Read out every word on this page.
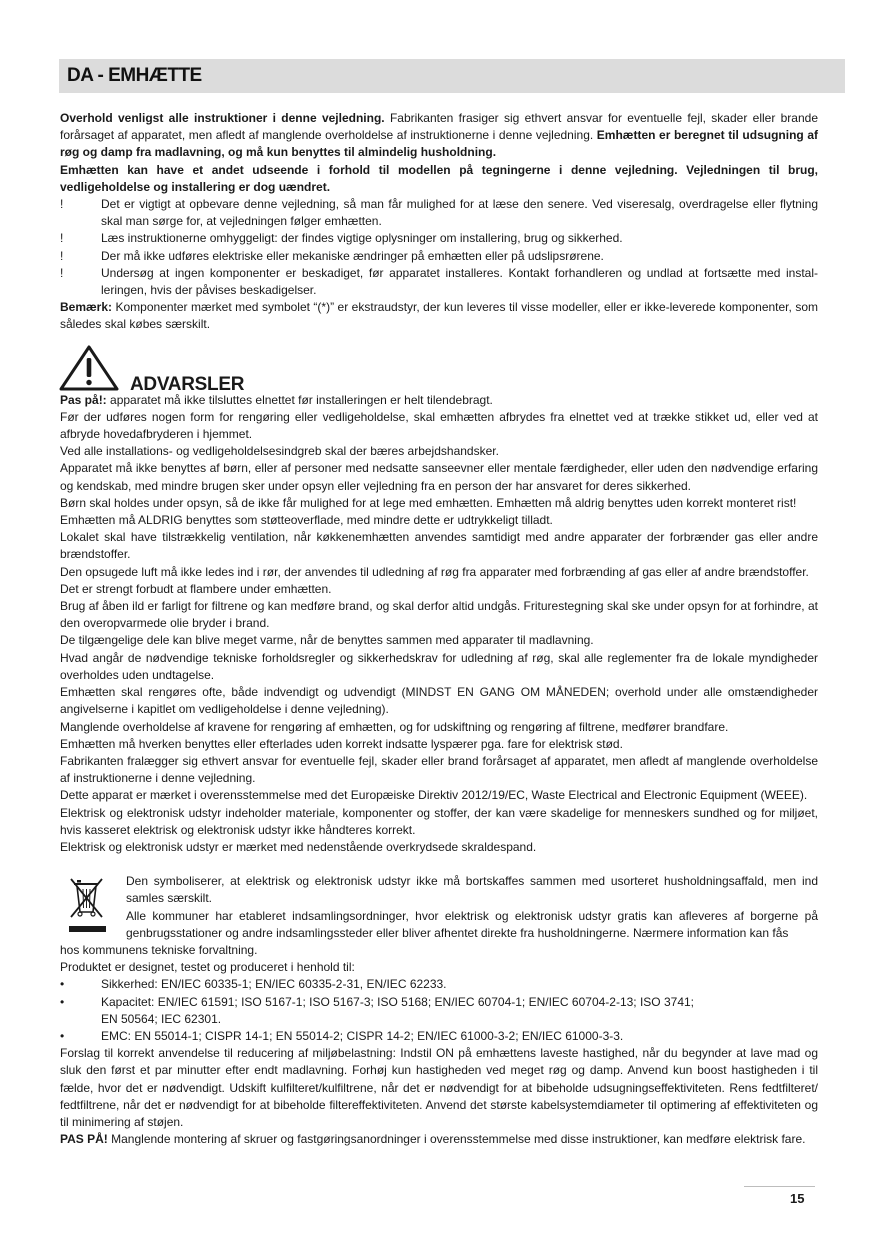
DA - EMHÆTTE

Overhold venligst alle instruktioner i denne vejledning. Fabrikanten frasiger sig ethvert ansvar for eventuelle fejl, skader eller brande forårsaget af apparatet, men afledt af manglende overholdelse af instruktionerne i denne vejledning. Emhætten er beregnet til udsugning af røg og damp fra madlavning, og må kun benyttes til almindelig husholdning.

Emhætten kan have et andet udseende i forhold til modellen på tegningerne i denne vejledning. Vejledningen til brug, vedligeholdelse og installering er dog uændret.

!	Det er vigtigt at opbevare denne vejledning, så man får mulighed for at læse den senere. Ved viseresalg, overdragelse eller flytning skal man sørge for, at vejledningen følger emhætten.
!	Læs instruktionerne omhyggeligt: der findes vigtige oplysninger om installering, brug og sikkerhed.
!	Der må ikke udføres elektriske eller mekaniske ændringer på emhætten eller på udslipsrørene.
!	Undersøg at ingen komponenter er beskadiget, før apparatet installeres. Kontakt forhandleren og undlad at fortsætte med installeringen, hvis der påvises beskadigelser.

Bemærk: Komponenter mærket med symbolet “(*)” er ekstraudstyr, der kun leveres til visse modeller, eller er ikke-leverede komponenter, som således skal købes særskilt.

ADVARSLER

Pas på!: apparatet må ikke tilsluttes elnettet før installeringen er helt tilendebragt.

Før der udføres nogen form for rengøring eller vedligeholdelse, skal emhætten afbrydes fra elnettet ved at trække stikket ud, eller ved at afbryde hovedafbryderen i hjemmet.

Ved alle installations- og vedligeholdelsesindgreb skal der bæres arbejdshandsker.

Apparatet må ikke benyttes af børn, eller af personer med nedsatte sanseevner eller mentale færdigheder, eller uden den nødvendige erfaring og kendskab, med mindre brugen sker under opsyn eller vejledning fra en person der har ansvaret for deres sikkerhed.

Børn skal holdes under opsyn, så de ikke får mulighed for at lege med emhætten. Emhætten må aldrig benyttes uden korrekt monteret rist!

Emhætten må ALDRIG benyttes som støtteoverflade, med mindre dette er udtrykkeligt tilladt.

Lokalet skal have tilstrækkelig ventilation, når køkkenemhætten anvendes samtidigt med andre apparater der forbrænder gas eller andre brændstoffer.

Den opsugede luft må ikke ledes ind i rør, der anvendes til udledning af røg fra apparater med forbrænding af gas eller af andre brændstoffer.

Det er strengt forbudt at flambere under emhætten.

Brug af åben ild er farligt for filtrene og kan medføre brand, og skal derfor altid undgås. Friturestegning skal ske under opsyn for at forhindre, at den overopvarmede olie bryder i brand.

De tilgængelige dele kan blive meget varme, når de benyttes sammen med apparater til madlavning.

Hvad angår de nødvendige tekniske forholdsregler og sikkerhedskrav for udledning af røg, skal alle reglementer fra de lokale myndigheder overholdes uden undtagelse.

Emhætten skal rengøres ofte, både indvendigt og udvendigt (MINDST EN GANG OM MÅNEDEN; overhold under alle omstændigheder angivelserne i kapitlet om vedligeholdelse i denne vejledning).

Manglende overholdelse af kravene for rengøring af emhætten, og for udskiftning og rengøring af filtrene, medfører brandfare.

Emhætten må hverken benyttes eller efterlades uden korrekt indsatte lyspærer pga. fare for elektrisk stød.

Fabrikanten fralægger sig ethvert ansvar for eventuelle fejl, skader eller brand forårsaget af apparatet, men afledt af manglende overholdelse af instruktionerne i denne vejledning.

Dette apparat er mærket i overensstemmelse med det Europæiske Direktiv 2012/19/EC, Waste Electrical and Electronic Equipment (WEEE).

Elektrisk og elektronisk udstyr indeholder materiale, komponenter og stoffer, der kan være skadelige for menneskers sundhed og for miljøet, hvis kasseret elektrisk og elektronisk udstyr ikke håndteres korrekt.

Elektrisk og elektronisk udstyr er mærket med nedenstående overkrydsede skraldespand.

Den symboliserer, at elektrisk og elektronisk udstyr ikke må bortskaffes sammen med usorteret husholdningsaffald, men ind samles særskilt.

Alle kommuner har etableret indsamlingsordninger, hvor elektrisk og elektronisk udstyr gratis kan afleveres af borgerne på genbrugsstationer og andre indsamlingssteder eller bliver afhentet direkte fra husholdningerne. Nærmere information kan fås

hos kommunens tekniske forvaltning.

Produktet er designet, testet og produceret i henhold til:

•	Sikkerhed: EN/IEC 60335-1; EN/IEC 60335-2-31, EN/IEC 62233.
•	Kapacitet: EN/IEC 61591; ISO 5167-1; ISO 5167-3; ISO 5168; EN/IEC 60704-1; EN/IEC 60704-2-13; ISO 3741;
EN 50564; IEC 62301.
•	EMC: EN 55014-1; CISPR 14-1; EN 55014-2; CISPR 14-2; EN/IEC 61000-3-2; EN/IEC 61000-3-3.

Forslag til korrekt anvendelse til reducering af miljøbelastning: Indstil ON på emhættens laveste hastighed, når du begynder at lave mad og sluk den først et par minutter efter endt madlavning. Forhøj kun hastigheden ved meget røg og damp. Anvend kun boost hastigheden i til fælde, hvor det er nødvendigt. Udskift kulfilteret/kulfiltrene, når det er nødvendigt for at bibeholde udsugningseffektiviteten. Rens fedtfilteret/ fedtfiltrene, når det er nødvendigt for at bibeholde filtereffektiviteten. Anvend det største kabelsystemdiameter til optimering af effektiviteten og til minimering af støjen.

PAS PÅ! Manglende montering af skruer og fastgøringsanordninger i overensstemmelse med disse instruktioner, kan medføre elektrisk fare.

15
